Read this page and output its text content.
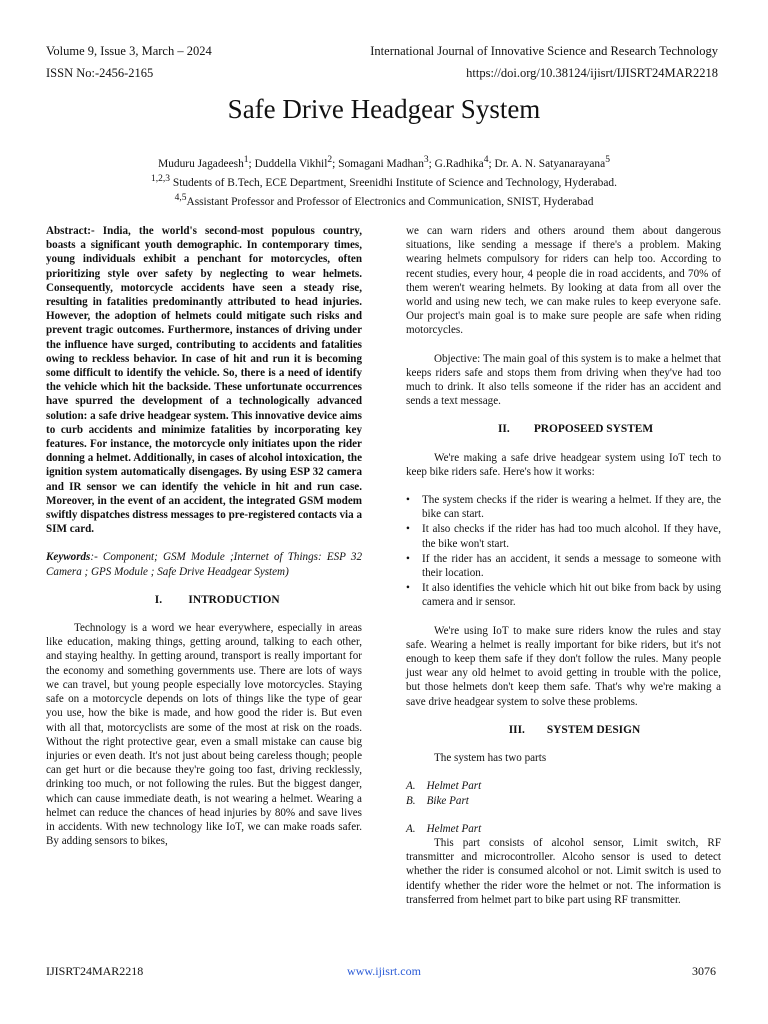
Volume 9, Issue 3, March ‒ 2024	International Journal of Innovative Science and Research Technology
ISSN No:-2456-2165	https://doi.org/10.38124/ijisrt/IJISRT24MAR2218
Safe Drive Headgear System
Muduru Jagadeesh$^1$; Duddella Vikhil$^2$; Somagani Madhan$^3$; G.Radhika$^4$; Dr. A. N. Satyanarayana$^5$
$^{1,2,3}$ Students of B.Tech, ECE Department, Sreenidhi Institute of Science and Technology, Hyderabad.
$^{4,5}$Assistant Professor and Professor of Electronics and Communication, SNIST, Hyderabad

Abstract:- India, the world's second-most populous country, boasts a significant youth demographic. In contemporary times, young individuals exhibit a penchant for motorcycles, often prioritizing style over safety by neglecting to wear helmets. Consequently, motorcycle accidents have seen a steady rise, resulting in fatalities predominantly attributed to head injuries. However, the adoption of helmets could mitigate such risks and prevent tragic outcomes. Furthermore, instances of driving under the influence have surged, contributing to accidents and fatalities owing to reckless behavior. In case of hit and run it is becoming some difficult to identify the vehicle. So, there is a need of identify the vehicle which hit the backside. These unfortunate occurrences have spurred the development of a technologically advanced solution: a safe drive headgear system. This innovative device aims to curb accidents and minimize fatalities by incorporating key features. For instance, the motorcycle only initiates upon the rider donning a helmet. Additionally, in cases of alcohol intoxication, the ignition system automatically disengages. By using ESP 32 camera and IR sensor we can identify the vehicle in hit and run case. Moreover, in the event of an accident, the integrated GSM modem swiftly dispatches distress messages to pre-registered contacts via a SIM card.

Keywords:- Component; GSM Module ;Internet of Things: ESP 32 Camera ; GPS Module ; Safe Drive Headgear System)

I. INTRODUCTION

Technology is a word we hear everywhere, especially in areas like education, making things, getting around, talking to each other, and staying healthy. In getting around, transport is really important for the economy and something governments use. There are lots of ways we can travel, but young people especially love motorcycles. Staying safe on a motorcycle depends on lots of things like the type of gear you use, how the bike is made, and how good the rider is. But even with all that, motorcyclists are some of the most at risk on the roads. Without the right protective gear, even a small mistake can cause big injuries or even death. It's not just about being careless though; people can get hurt or die because they're going too fast, driving recklessly, drinking too much, or not following the rules. But the biggest danger, which can cause immediate death, is not wearing a helmet. Wearing a helmet can reduce the chances of head injuries by 80% and save lives in accidents. With new technology like IoT, we can make roads safer. By adding sensors to bikes,

we can warn riders and others around them about dangerous situations, like sending a message if there's a problem. Making wearing helmets compulsory for riders can help too. According to recent studies, every hour, 4 people die in road accidents, and 70% of them weren't wearing helmets. By looking at data from all over the world and using new tech, we can make rules to keep everyone safe. Our project's main goal is to make sure people are safe when riding motorcycles.

Objective: The main goal of this system is to make a helmet that keeps riders safe and stops them from driving when they've had too much to drink. It also tells someone if the rider has an accident and sends a text message.

II. PROPOSEED SYSTEM

We're making a safe drive headgear system using IoT tech to keep bike riders safe. Here's how it works:

• The system checks if the rider is wearing a helmet. If they are, the bike can start.
• It also checks if the rider has had too much alcohol. If they have, the bike won't start.
• If the rider has an accident, it sends a message to someone with their location.
• It also identifies the vehicle which hit out bike from back by using camera and ir sensor.

We're using IoT to make sure riders know the rules and stay safe. Wearing a helmet is really important for bike riders, but it's not enough to keep them safe if they don't follow the rules. Many people just wear any old helmet to avoid getting in trouble with the police, but those helmets don't keep them safe. That's why we're making a save drive headgear system to solve these problems.

III. SYSTEM DESIGN

The system has two parts

A. Helmet Part
B. Bike Part
A. Helmet Part

This part consists of alcohol sensor, Limit switch, RF transmitter and microcontroller. Alcoho sensor is used to detect whether the rider is consumed alcohol or not. Limit switch is used to identify whether the rider wore the helmet or not. The information is transferred from helmet part to bike part using RF transmitter.

IJISRT24MAR2218	www.ijisrt.com	3076
